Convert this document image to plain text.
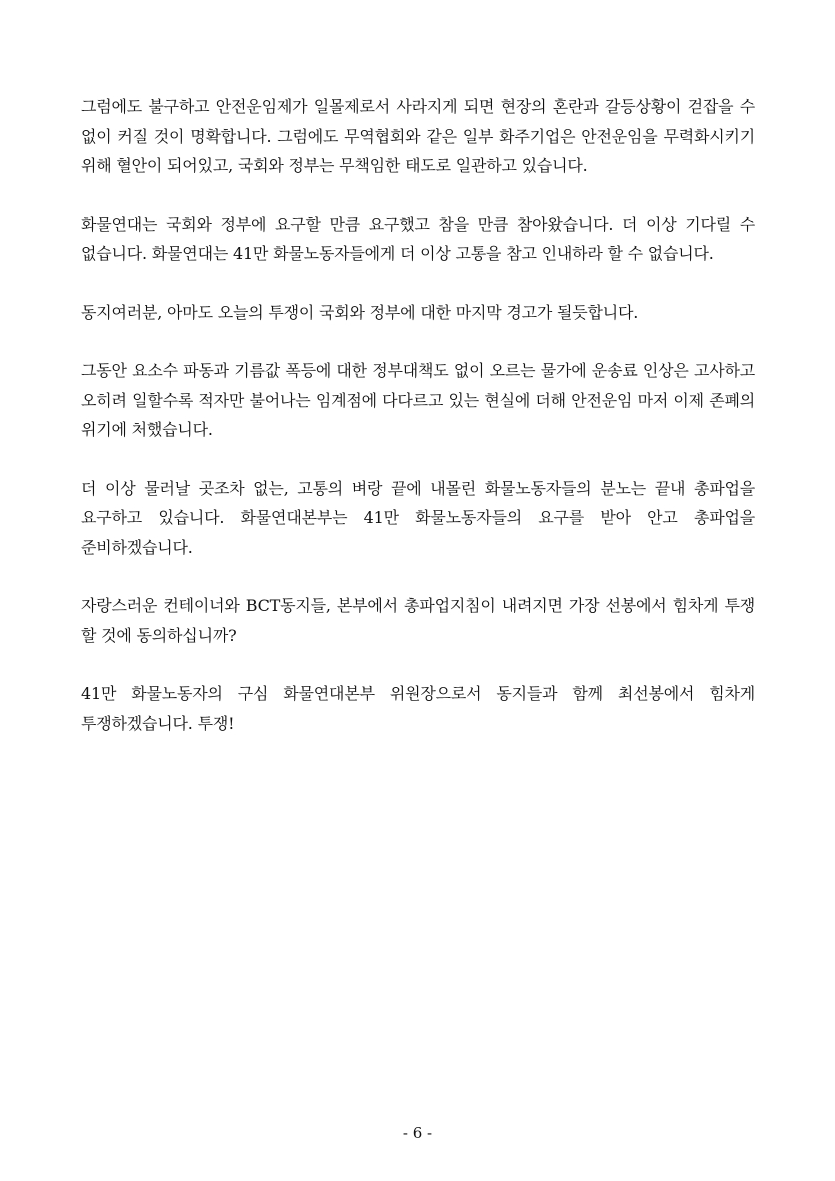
그럼에도 불구하고 안전운임제가 일몰제로서 사라지게 되면 현장의 혼란과 갈등상황이 걷잡을 수 없이 커질 것이 명확합니다. 그럼에도 무역협회와 같은 일부 화주기업은 안전운임을 무력화시키기 위해 혈안이 되어있고, 국회와 정부는 무책임한 태도로 일관하고 있습니다.

화물연대는 국회와 정부에 요구할 만큼 요구했고 참을 만큼 참아왔습니다. 더 이상 기다릴 수 없습니다. 화물연대는 41만 화물노동자들에게 더 이상 고통을 참고 인내하라 할 수 없습니다.

동지여러분, 아마도 오늘의 투쟁이 국회와 정부에 대한 마지막 경고가 될듯합니다.

그동안 요소수 파동과 기름값 폭등에 대한 정부대책도 없이 오르는 물가에 운송료 인상은 고사하고 오히려 일할수록 적자만 불어나는 임계점에 다다르고 있는 현실에 더해 안전운임 마저 이제 존폐의 위기에 처했습니다.

더 이상 물러날 곳조차 없는, 고통의 벼랑 끝에 내몰린 화물노동자들의 분노는 끝내 총파업을 요구하고 있습니다. 화물연대본부는 41만 화물노동자들의 요구를 받아 안고 총파업을 준비하겠습니다.

자랑스러운 컨테이너와 BCT동지들, 본부에서 총파업지침이 내려지면 가장 선봉에서 힘차게 투쟁 할 것에 동의하십니까?

41만 화물노동자의 구심 화물연대본부 위원장으로서 동지들과 함께 최선봉에서 힘차게 투쟁하겠습니다. 투쟁!

- 6 -
